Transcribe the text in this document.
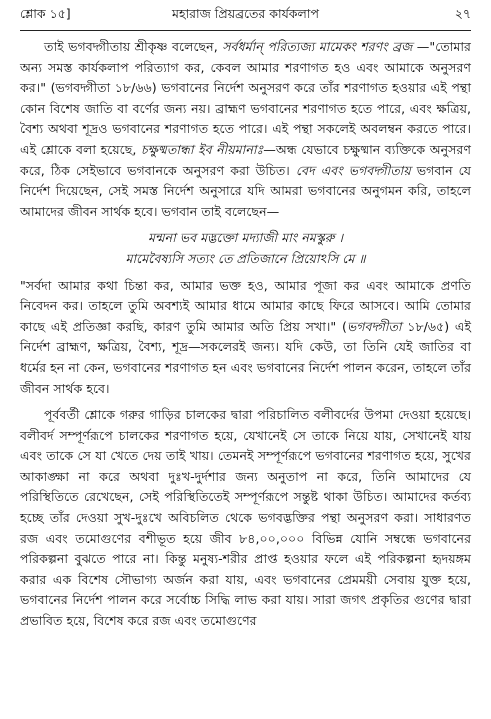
শ্লোক ১৫]	মহারাজ প্রিয়ব্রতের কার্যকলাপ	২৭

তাই ভগবদ্গীতায় শ্রীকৃষ্ণ বলেছেন, সর্বধর্মান্ পরিত্যজ্য মামেকং শরণং ব্রজ —"তোমার অন্য সমস্ত কার্যকলাপ পরিত্যাগ কর, কেবল আমার শরণাগত হও এবং আমাকে অনুসরণ কর।" (ভগবদ্গীতা ১৮/৬৬) ভগবানের নির্দেশ অনুসরণ করে তাঁর শরণাগত হওয়ার এই পন্থা কোন বিশেষ জাতি বা বর্ণের জন্য নয়। ব্রাহ্মণ ভগবানের শরণাগত হতে পারে, এবং ক্ষত্রিয়, বৈশ্য অথবা শূদ্রও ভগবানের শরণাগত হতে পারে। এই পন্থা সকলেই অবলম্বন করতে পারে। এই শ্লোকে বলা হয়েছে, চক্ষুষ্মতান্ধা ইব নীয়মানাঃ—অন্ধ যেভাবে চক্ষুষ্মান ব্যক্তিকে অনুসরণ করে, ঠিক সেইভাবে ভগবানকে অনুসরণ করা উচিত। বেদ এবং ভগবদ্গীতায় ভগবান যে নির্দেশ দিয়েছেন, সেই সমস্ত নির্দেশ অনুসারে যদি আমরা ভগবানের অনুগমন করি, তাহলে আমাদের জীবন সার্থক হবে। ভগবান তাই বলেছেন—

মন্মনা ভব মদ্ভক্তো মদ্যাজী মাং নমস্কুরু ।

মামেবৈষ্যসি সত্যং তে প্রতিজানে প্রিয়োঽসি মে ॥

"সর্বদা আমার কথা চিন্তা কর, আমার ভক্ত হও, আমার পূজা কর এবং আমাকে প্রণতি নিবেদন কর। তাহলে তুমি অবশ্যই আমার ধামে আমার কাছে ফিরে আসবে। আমি তোমার কাছে এই প্রতিজ্ঞা করছি, কারণ তুমি আমার অতি প্রিয় সখা।" (ভগবদ্গীতা ১৮/৬৫) এই নির্দেশ ব্রাহ্মণ, ক্ষত্রিয়, বৈশ্য, শূদ্র—সকলেরই জন্য। যদি কেউ, তা তিনি যেই জাতির বা ধর্মের হন না কেন, ভগবানের শরণাগত হন এবং ভগবানের নির্দেশ পালন করেন, তাহলে তাঁর জীবন সার্থক হবে।

পূর্ববর্তী শ্লোকে গরুর গাড়ির চালকের দ্বারা পরিচালিত বলীবর্দের উপমা দেওয়া হয়েছে। বলীবর্দ সম্পূর্ণরূপে চালকের শরণাগত হয়ে, যেখানেই সে তাকে নিয়ে যায়, সেখানেই যায় এবং তাকে সে যা খেতে দেয় তাই খায়। তেমনই সম্পূর্ণরূপে ভগবানের শরণাগত হয়ে, সুখের আকাঙ্ক্ষা না করে অথবা দুঃখ-দুর্দশার জন্য অনুতাপ না করে, তিনি আমাদের যে পরিস্থিতিতে রেখেছেন, সেই পরিস্থিতিতেই সম্পূর্ণরূপে সন্তুষ্ট থাকা উচিত। আমাদের কর্তব্য হচ্ছে তাঁর দেওয়া সুখ-দুঃখে অবিচলিত থেকে ভগবদ্ভক্তির পন্থা অনুসরণ করা। সাধারণত রজ এবং তমোগুণের বশীভূত হয়ে জীব ৮৪,০০,০০০ বিভিন্ন যোনি সম্বন্ধে ভগবানের পরিকল্পনা বুঝতে পারে না। কিন্তু মনুষ্য-শরীর প্রাপ্ত হওয়ার ফলে এই পরিকল্পনা হৃদয়ঙ্গম করার এক বিশেষ সৌভাগ্য অর্জন করা যায়, এবং ভগবানের প্রেমময়ী সেবায় যুক্ত হয়ে, ভগবানের নির্দেশ পালন করে সর্বোচ্চ সিদ্ধি লাভ করা যায়। সারা জগৎ প্রকৃতির গুণের দ্বারা প্রভাবিত হয়ে, বিশেষ করে রজ এবং তমোগুণের
